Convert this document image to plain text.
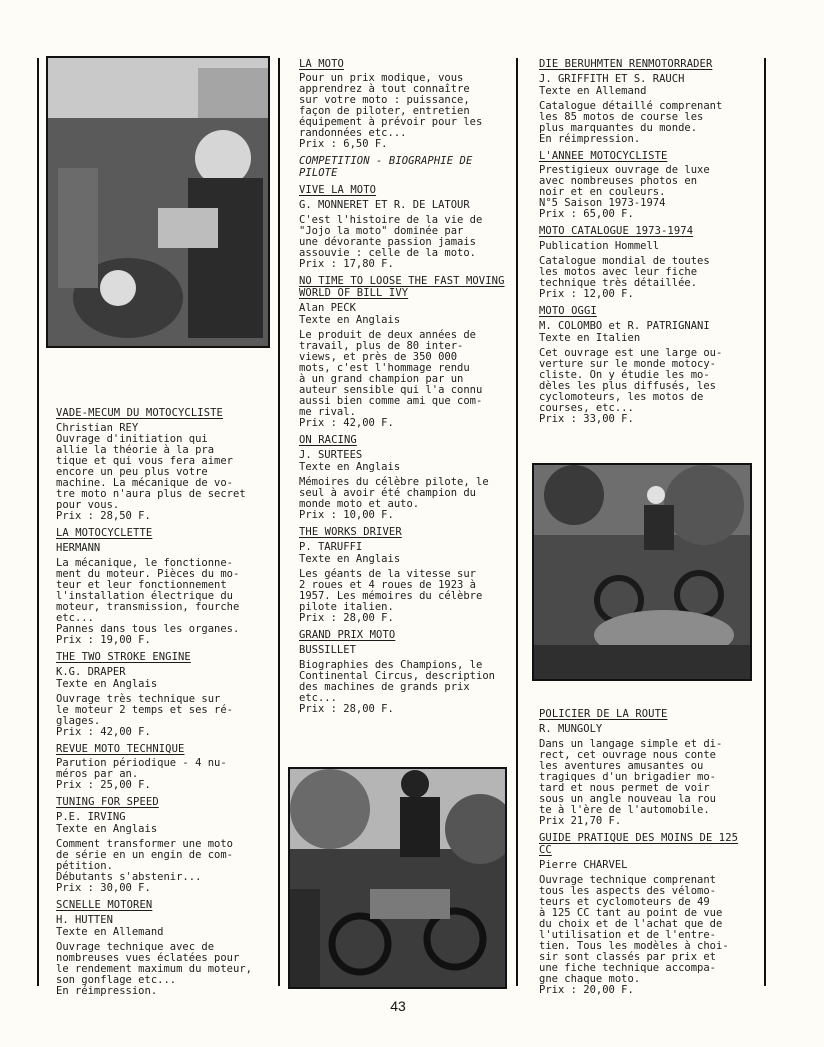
VADE-MECUM DU MOTOCYCLISTE

Christian REY

Ouvrage d'initiation qui
allie la théorie à la pra
tique et qui vous fera aimer
encore un peu plus votre
machine. La mécanique de vo-
tre moto n'aura plus de secret
pour vous.

Prix : 28,50 F.

LA MOTOCYCLETTE

HERMANN

La mécanique, le fonctionne-
ment du moteur. Pièces du mo-
teur et leur fonctionnement
l'installation électrique du
moteur, transmission, fourche
etc...
Pannes dans tous les organes.

Prix : 19,00 F.

THE TWO STROKE ENGINE

K.G. DRAPER

Texte en Anglais

Ouvrage très technique sur
le moteur 2 temps et ses ré-
glages.

Prix : 42,00 F.

REVUE MOTO TECHNIQUE

Parution périodique - 4 nu-
méros par an.

Prix : 25,00 F.

TUNING FOR SPEED

P.E. IRVING

Texte en Anglais

Comment transformer une moto
de série en un engin de com-
pétition.
Débutants s'abstenir...

Prix : 30,00 F.

SCNELLE MOTOREN

H. HUTTEN

Texte en Allemand

Ouvrage technique avec de
nombreuses vues éclatées pour
le rendement maximum du moteur,
son gonflage etc...
En réimpression.

LA MOTO

Pour un prix modique, vous
apprendrez à tout connaître
sur votre moto : puissance,
façon de piloter, entretien
équipement à prévoir pour les
randonnées etc...

Prix : 6,50 F.

COMPETITION - BIOGRAPHIE DE PILOTE

VIVE LA MOTO

G. MONNERET ET R. DE LATOUR

C'est l'histoire de la vie de
"Jojo la moto" dominée par
une dévorante passion jamais
assouvie : celle de la moto.

Prix : 17,80 F.

NO TIME TO LOOSE THE FAST MOVING WORLD OF BILL IVY

Alan PECK

Texte en Anglais

Le produit de deux années de
travail, plus de 80 inter-
views, et près de 350 000
mots, c'est l'hommage rendu
à un grand champion par un
auteur sensible qui l'a connu
aussi bien comme ami que com-
me rival.

Prix : 42,00 F.

ON RACING

J. SURTEES

Texte en Anglais

Mémoires du célèbre pilote, le
seul à avoir été champion du
monde moto et auto.

Prix : 10,00 F.

THE WORKS DRIVER

P. TARUFFI

Texte en Anglais

Les géants de la vitesse sur
2 roues et 4 roues de 1923 à
1957. Les mémoires du célèbre
pilote italien.

Prix : 28,00 F.

GRAND PRIX MOTO

BUSSILLET

Biographies des Champions, le
Continental Circus, description
des machines de grands prix
etc...

Prix : 28,00 F.

DIE BERUHMTEN RENMOTORRADER

J. GRIFFITH ET S. RAUCH

Texte en Allemand

Catalogue détaillé comprenant
les 85 motos de course les
plus marquantes du monde.
En réimpression.

L'ANNEE MOTOCYCLISTE

Prestigieux ouvrage de luxe
avec nombreuses photos en
noir et en couleurs.
N°5 Saison 1973-1974

Prix : 65,00 F.

MOTO CATALOGUE 1973-1974

Publication Hommell

Catalogue mondial de toutes
les motos avec leur fiche
technique très détaillée.

Prix : 12,00 F.

MOTO OGGI

M. COLOMBO et R. PATRIGNANI

Texte en Italien

Cet ouvrage est une large ou-
verture sur le monde motocy-
cliste. On y étudie les mo-
dèles les plus diffusés, les
cyclomoteurs, les motos de
courses, etc...

Prix : 33,00 F.

POLICIER DE LA ROUTE

R. MUNGOLY

Dans un langage simple et di-
rect, cet ouvrage nous conte
les aventures amusantes ou
tragiques d'un brigadier mo-
tard et nous permet de voir
sous un angle nouveau la rou
te à l'ère de l'automobile.

Prix 21,70 F.

GUIDE PRATIQUE DES MOINS DE 125 CC

Pierre CHARVEL

Ouvrage technique comprenant
tous les aspects des vélomo-
teurs et cyclomoteurs de 49
à 125 CC tant au point de vue
du choix et de l'achat que de
l'utilisation et de l'entre-
tien. Tous les modèles à choi-
sir sont classés par prix et
une fiche technique accompa-
gne chaque moto.

Prix : 20,00 F.

43
